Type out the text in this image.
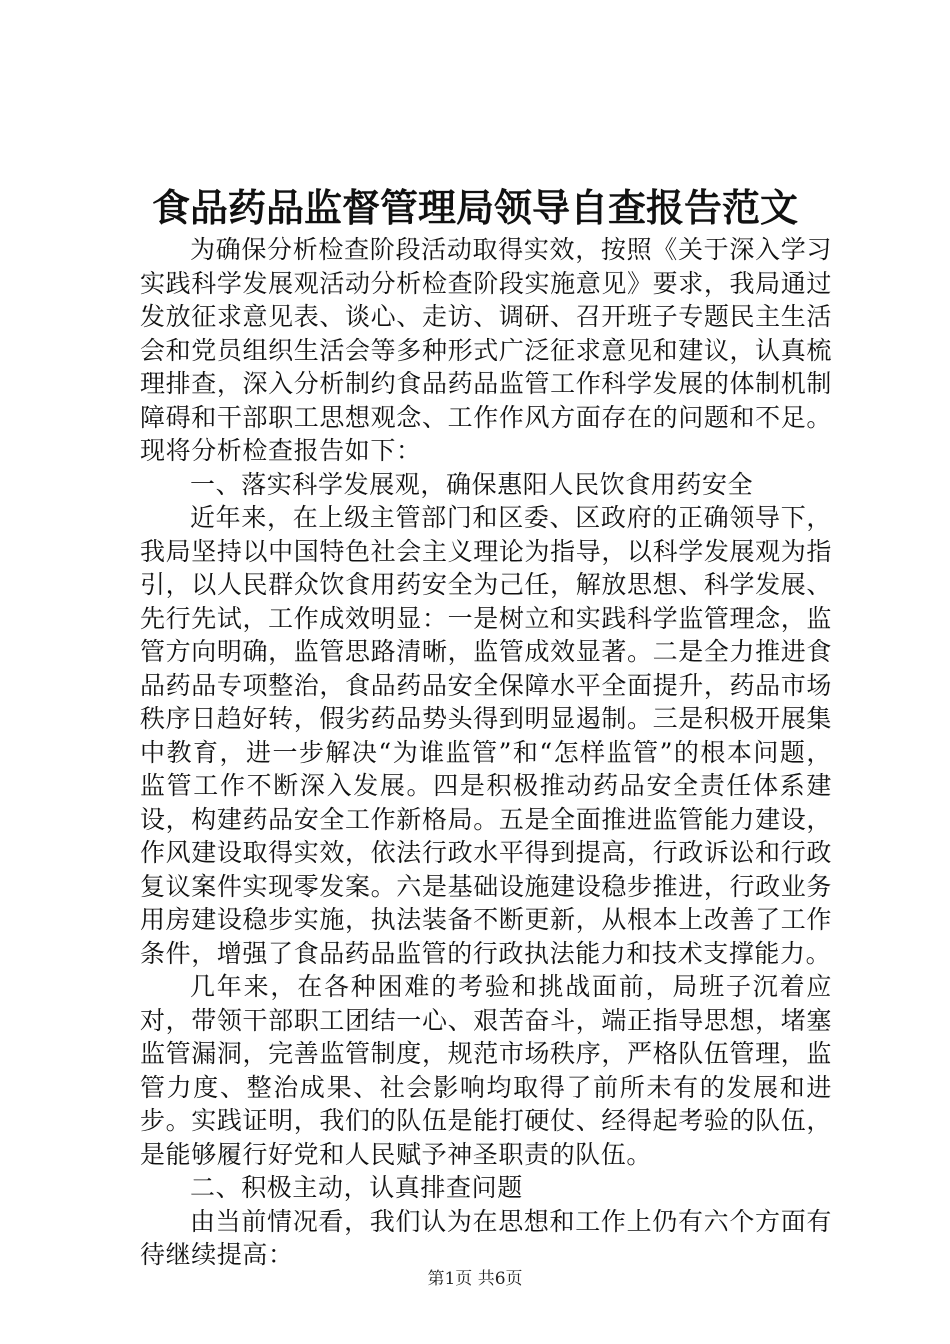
食品药品监督管理局领导自查报告范文

为确保分析检查阶段活动取得实效，按照《关于深入学习实践科学发展观活动分析检查阶段实施意见》要求，我局通过发放征求意见表、谈心、走访、调研、召开班子专题民主生活会和党员组织生活会等多种形式广泛征求意见和建议，认真梳理排查，深入分析制约食品药品监管工作科学发展的体制机制障碍和干部职工思想观念、工作作风方面存在的问题和不足。现将分析检查报告如下：

一、落实科学发展观，确保惠阳人民饮食用药安全

近年来，在上级主管部门和区委、区政府的正确领导下，我局坚持以中国特色社会主义理论为指导，以科学发展观为指引，以人民群众饮食用药安全为己任，解放思想、科学发展、先行先试，工作成效明显：一是树立和实践科学监管理念，监管方向明确，监管思路清晰，监管成效显著。二是全力推进食品药品专项整治，食品药品安全保障水平全面提升，药品市场秩序日趋好转，假劣药品势头得到明显遏制。三是积极开展集中教育，进一步解决“为谁监管”和“怎样监管”的根本问题，监管工作不断深入发展。四是积极推动药品安全责任体系建设，构建药品安全工作新格局。五是全面推进监管能力建设，作风建设取得实效，依法行政水平得到提高，行政诉讼和行政复议案件实现零发案。六是基础设施建设稳步推进，行政业务用房建设稳步实施，执法装备不断更新，从根本上改善了工作条件，增强了食品药品监管的行政执法能力和技术支撑能力。

几年来，在各种困难的考验和挑战面前，局班子沉着应对，带领干部职工团结一心、艰苦奋斗，端正指导思想，堵塞监管漏洞，完善监管制度，规范市场秩序，严格队伍管理，监管力度、整治成果、社会影响均取得了前所未有的发展和进步。实践证明，我们的队伍是能打硬仗、经得起考验的队伍，是能够履行好党和人民赋予神圣职责的队伍。

二、积极主动，认真排查问题

由当前情况看，我们认为在思想和工作上仍有六个方面有待继续提高：

第1页 共6页
